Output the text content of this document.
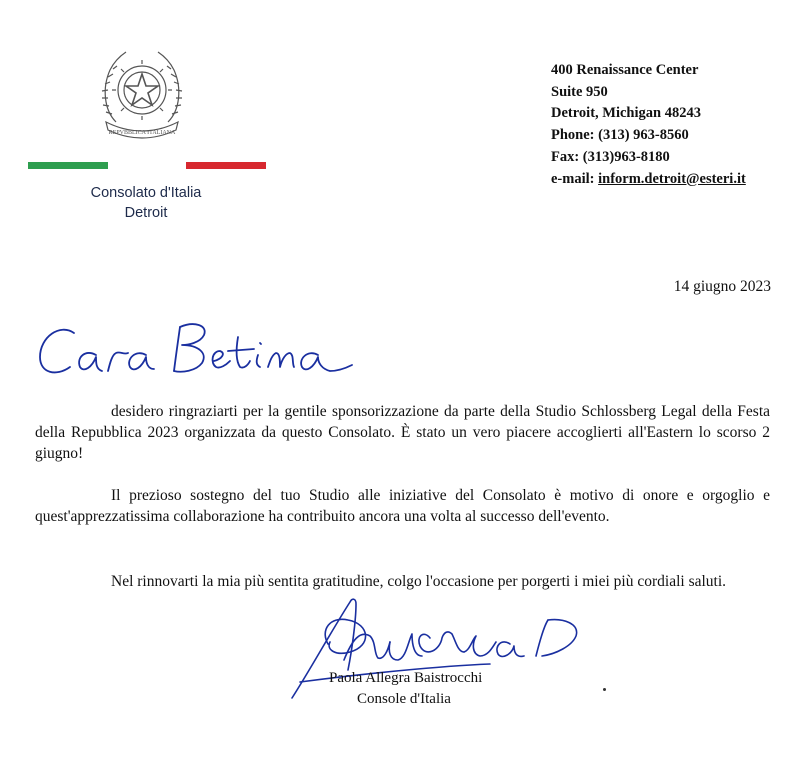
REPVBBLICA ITALIANA
Consolato d'Italia
Detroit
400 Renaissance Center
Suite 950
Detroit, Michigan 48243
Phone: (313) 963-8560
Fax: (313)963-8180
e-mail: inform.detroit@esteri.it
14 giugno 2023

desidero ringraziarti per la gentile sponsorizzazione da parte della Studio Schlossberg Legal della Festa della Repubblica 2023 organizzata da questo Consolato. È stato un vero piacere accoglierti all'Eastern lo scorso 2 giugno!

Il prezioso sostegno del tuo Studio alle iniziative del Consolato è motivo di onore e orgoglio e quest'apprezzatissima collaborazione ha contribuito ancora una volta al successo dell'evento.

Nel rinnovarti la mia più sentita gratitudine, colgo l'occasione per porgerti i miei più cordiali saluti.

Paola Allegra Baistrocchi
Console d'Italia
